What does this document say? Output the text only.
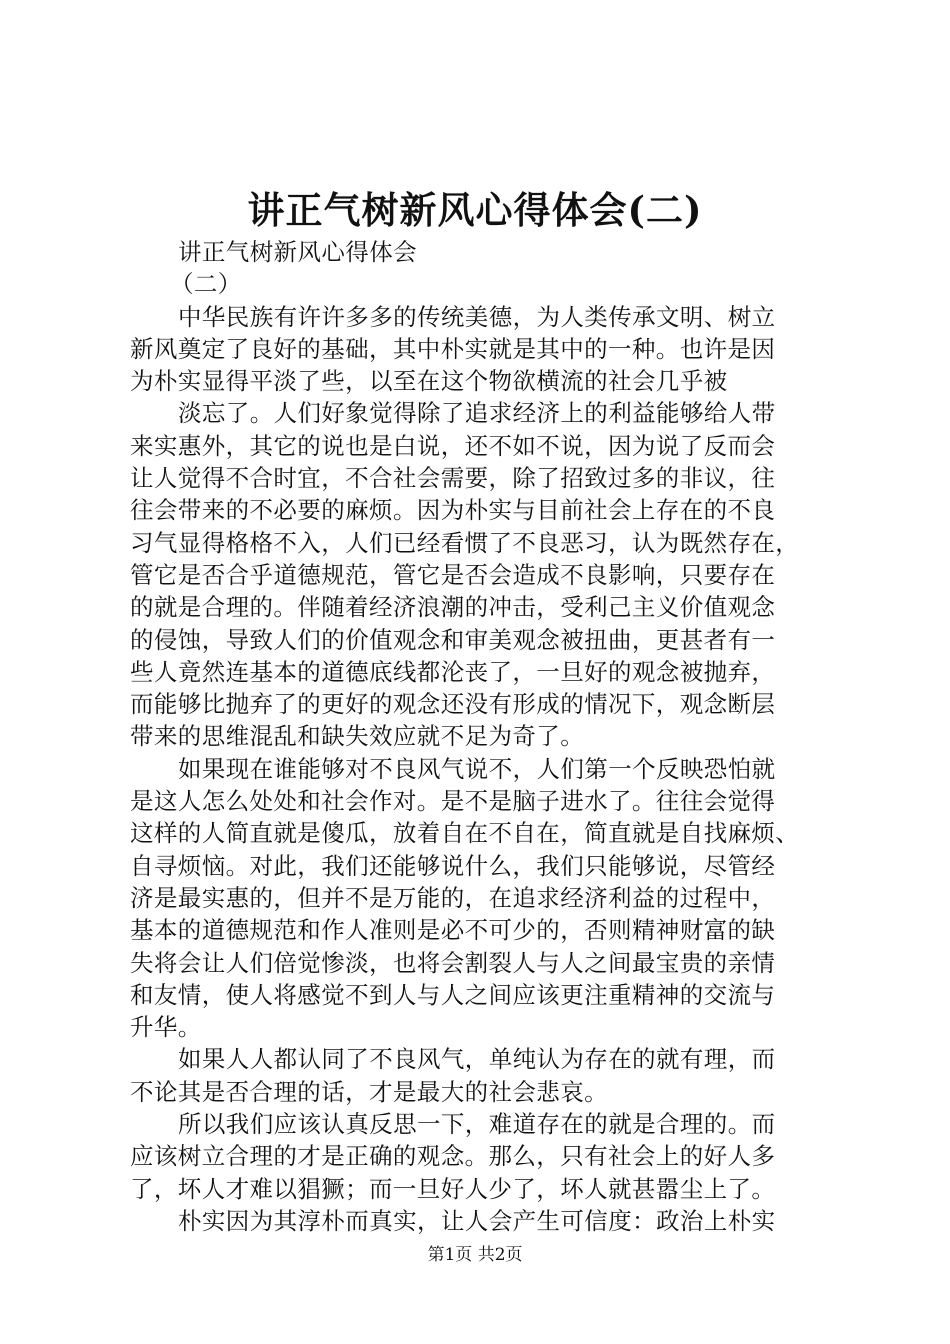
讲正气树新风心得体会(二)
讲正气树新风心得体会
（二）
中华民族有许许多多的传统美德，为人类传承文明、树立
新风奠定了良好的基础，其中朴实就是其中的一种。也许是因
为朴实显得平淡了些，以至在这个物欲横流的社会几乎被
淡忘了。人们好象觉得除了追求经济上的利益能够给人带
来实惠外，其它的说也是白说，还不如不说，因为说了反而会
让人觉得不合时宜，不合社会需要，除了招致过多的非议，往
往会带来的不必要的麻烦。因为朴实与目前社会上存在的不良
习气显得格格不入，人们已经看惯了不良恶习，认为既然存在，
管它是否合乎道德规范，管它是否会造成不良影响，只要存在
的就是合理的。伴随着经济浪潮的冲击，受利己主义价值观念
的侵蚀，导致人们的价值观念和审美观念被扭曲，更甚者有一
些人竟然连基本的道德底线都沦丧了，一旦好的观念被抛弃，
而能够比抛弃了的更好的观念还没有形成的情况下，观念断层
带来的思维混乱和缺失效应就不足为奇了。
如果现在谁能够对不良风气说不，人们第一个反映恐怕就
是这人怎么处处和社会作对。是不是脑子进水了。往往会觉得
这样的人简直就是傻瓜，放着自在不自在，简直就是自找麻烦、
自寻烦恼。对此，我们还能够说什么，我们只能够说，尽管经
济是最实惠的，但并不是万能的，在追求经济利益的过程中，
基本的道德规范和作人准则是必不可少的，否则精神财富的缺
失将会让人们倍觉惨淡，也将会割裂人与人之间最宝贵的亲情
和友情，使人将感觉不到人与人之间应该更注重精神的交流与
升华。
如果人人都认同了不良风气，单纯认为存在的就有理，而
不论其是否合理的话，才是最大的社会悲哀。
所以我们应该认真反思一下，难道存在的就是合理的。而
应该树立合理的才是正确的观念。那么，只有社会上的好人多
了，坏人才难以猖獗；而一旦好人少了，坏人就甚嚣尘上了。
朴实因为其淳朴而真实，让人会产生可信度：政治上朴实
第1页 共2页
